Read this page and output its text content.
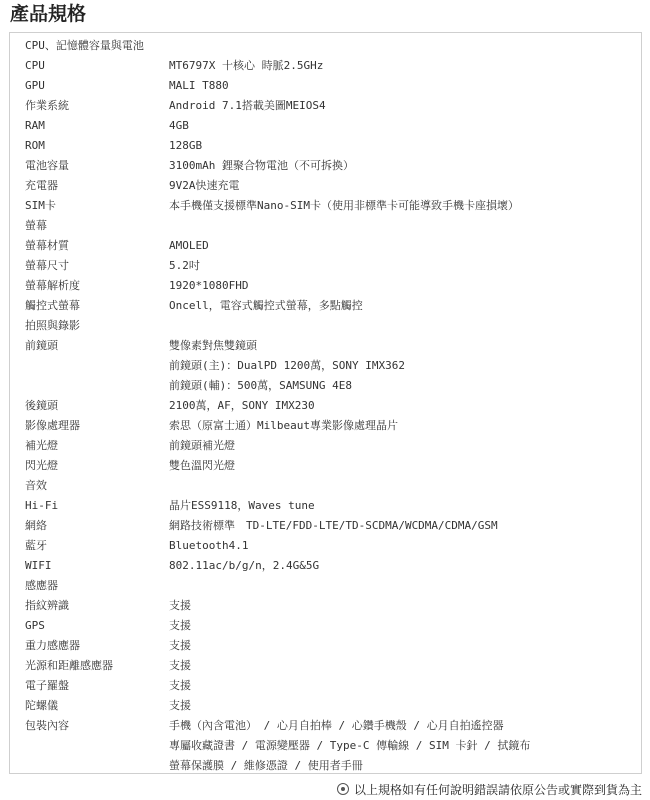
產品規格
CPU、記憶體容量與電池
CPU	MT6797X 十核心 時脈2.5GHz
GPU	MALI T880
作業系統	Android 7.1搭載美圖MEIOS4
RAM	4GB
ROM	128GB
電池容量	3100mAh 鋰聚合物電池（不可拆換）
充電器	9V2A快速充電
SIM卡	本手機僅支援標準Nano-SIM卡（使用非標準卡可能導致手機卡座損壞）
螢幕
螢幕材質	AMOLED
螢幕尺寸	5.2吋
螢幕解析度	1920*1080FHD
觸控式螢幕	Oncell，電容式觸控式螢幕，多點觸控
拍照與錄影
前鏡頭	雙像素對焦雙鏡頭
前鏡頭(主)：DualPD 1200萬，SONY IMX362
前鏡頭(輔)：500萬，SAMSUNG 4E8
後鏡頭	2100萬，AF，SONY IMX230
影像處理器	索思（原富士通）Milbeaut專業影像處理晶片
補光燈	前鏡頭補光燈
閃光燈	雙色溫閃光燈
音效
Hi-Fi	晶片ESS9118，Waves tune
網絡	網路技術標準　TD-LTE/FDD-LTE/TD-SCDMA/WCDMA/CDMA/GSM
藍牙	Bluetooth4.1
WIFI	802.11ac/b/g/n，2.4G&5G
感應器
指紋辨識	支援
GPS	支援
重力感應器	支援
光源和距離感應器	支援
電子羅盤	支援
陀螺儀	支援
包裝內容	手機（內含電池） / 心月自拍棒 / 心鑽手機殼 / 心月自拍遙控器
專屬收藏證書 / 電源變壓器 / Type-C 傳輸線 / SIM 卡針 / 拭鏡布
螢幕保護膜 / 維修憑證 / 使用者手冊
以上規格如有任何說明錯誤請依原公告或實際到貨為主
